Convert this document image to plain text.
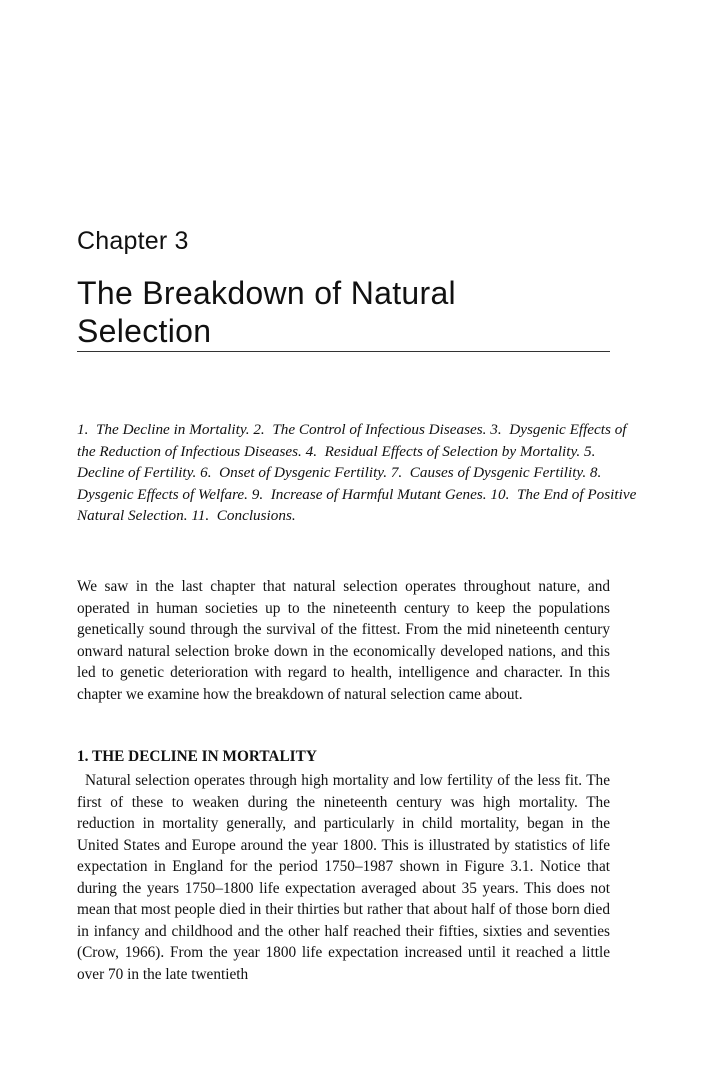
Chapter 3
The Breakdown of Natural
Selection
1.  The Decline in Mortality. 2.  The Control of Infectious Diseases. 3.  Dysgenic Effects of the Reduction of Infectious Diseases. 4.  Residual Effects of Selection by Mortality. 5.  Decline of Fertility. 6.  Onset of Dysgenic Fertility. 7.  Causes of Dysgenic Fertility. 8.  Dysgenic Effects of Welfare. 9.  Increase of Harmful Mutant Genes. 10.  The End of Positive Natural Selection. 11.  Conclusions.

We saw in the last chapter that natural selection operates throughout nature, and operated in human societies up to the nineteenth century to keep the populations genetically sound through the survival of the fittest. From the mid nineteenth century onward natural selection broke down in the economically developed nations, and this led to genetic deterioration with regard to health, intelligence and character. In this chapter we examine how the breakdown of natural selection came about.

1. THE DECLINE IN MORTALITY

Natural selection operates through high mortality and low fertility of the less fit. The first of these to weaken during the nineteenth century was high mortality. The reduction in mortality generally, and particularly in child mortality, began in the United States and Europe around the year 1800. This is illustrated by statistics of life expectation in England for the period 1750–1987 shown in Figure 3.1. Notice that during the years 1750–1800 life expectation averaged about 35 years. This does not mean that most people died in their thirties but rather that about half of those born died in infancy and childhood and the other half reached their fifties, sixties and seventies (Crow, 1966). From the year 1800 life expectation increased until it reached a little over 70 in the late twentieth
